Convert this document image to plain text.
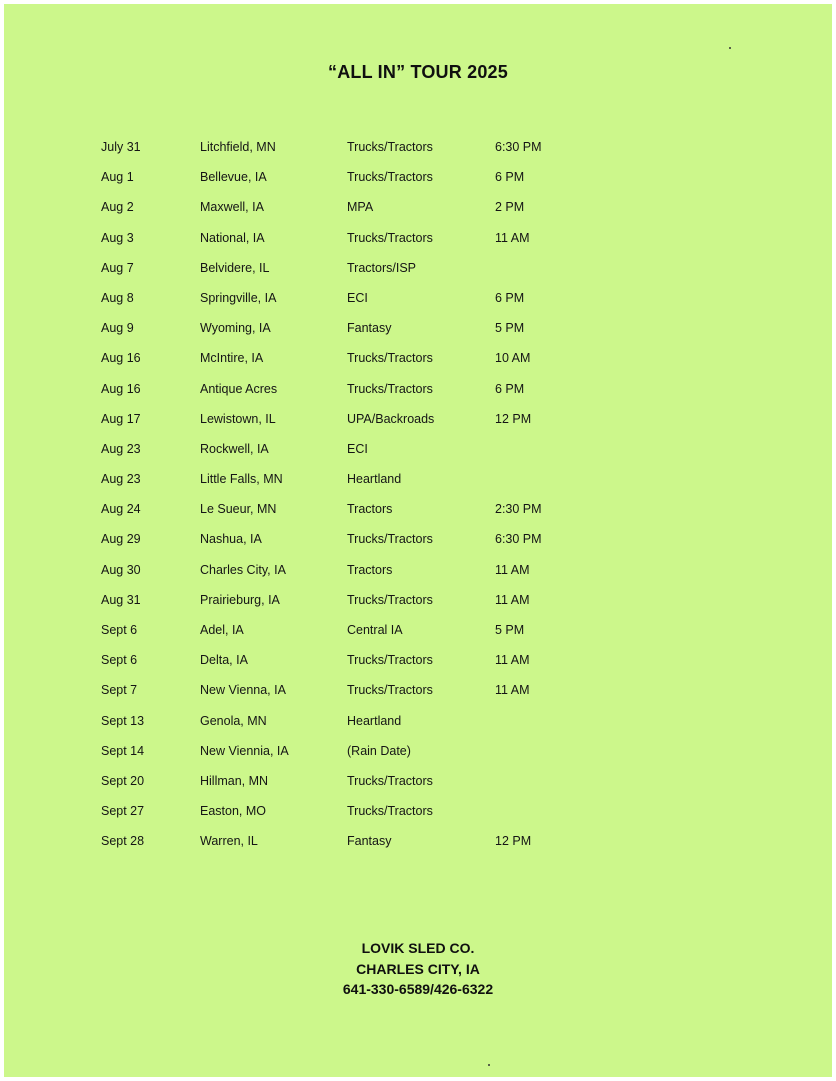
“ALL IN” TOUR 2025
July 31	Litchfield, MN	Trucks/Tractors	6:30 PM
Aug 1	Bellevue, IA	Trucks/Tractors	6 PM
Aug 2	Maxwell, IA	MPA	2 PM
Aug 3	National, IA	Trucks/Tractors	11 AM
Aug 7	Belvidere, IL	Tractors/ISP
Aug 8	Springville, IA	ECI	6 PM
Aug 9	Wyoming, IA	Fantasy	5 PM
Aug 16	McIntire, IA	Trucks/Tractors	10 AM
Aug 16	Antique Acres	Trucks/Tractors	6 PM
Aug 17	Lewistown, IL	UPA/Backroads	12 PM
Aug 23	Rockwell, IA	ECI
Aug 23	Little Falls, MN	Heartland
Aug 24	Le Sueur, MN	Tractors	2:30 PM
Aug 29	Nashua, IA	Trucks/Tractors	6:30 PM
Aug 30	Charles City, IA	Tractors	11 AM
Aug 31	Prairieburg, IA	Trucks/Tractors	11 AM
Sept 6	Adel, IA	Central IA	5 PM
Sept 6	Delta, IA	Trucks/Tractors	11 AM
Sept 7	New Vienna, IA	Trucks/Tractors	11 AM
Sept 13	Genola, MN	Heartland
Sept 14	New Viennia, IA	(Rain Date)
Sept 20	Hillman, MN	Trucks/Tractors
Sept 27	Easton, MO	Trucks/Tractors
Sept 28	Warren, IL	Fantasy	12 PM
LOVIK SLED CO.
CHARLES CITY, IA
641-330-6589/426-6322
